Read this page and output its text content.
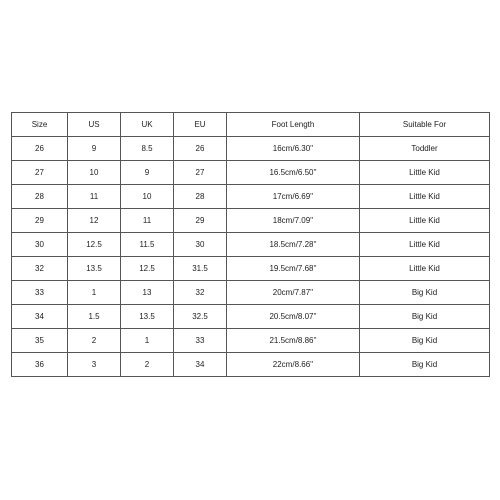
Size	US	UK	EU	Foot Length	Suitable For
26	9	8.5	26	16cm/6.30''	Toddler
27	10	9	27	16.5cm/6.50''	Little Kid
28	11	10	28	17cm/6.69''	Little Kid
29	12	11	29	18cm/7.09''	Little Kid
30	12.5	11.5	30	18.5cm/7.28''	Little Kid
32	13.5	12.5	31.5	19.5cm/7.68''	Little Kid
33	1	13	32	20cm/7.87''	Big Kid
34	1.5	13.5	32.5	20.5cm/8.07''	Big Kid
35	2	1	33	21.5cm/8.86''	Big Kid
36	3	2	34	22cm/8.66''	Big Kid
